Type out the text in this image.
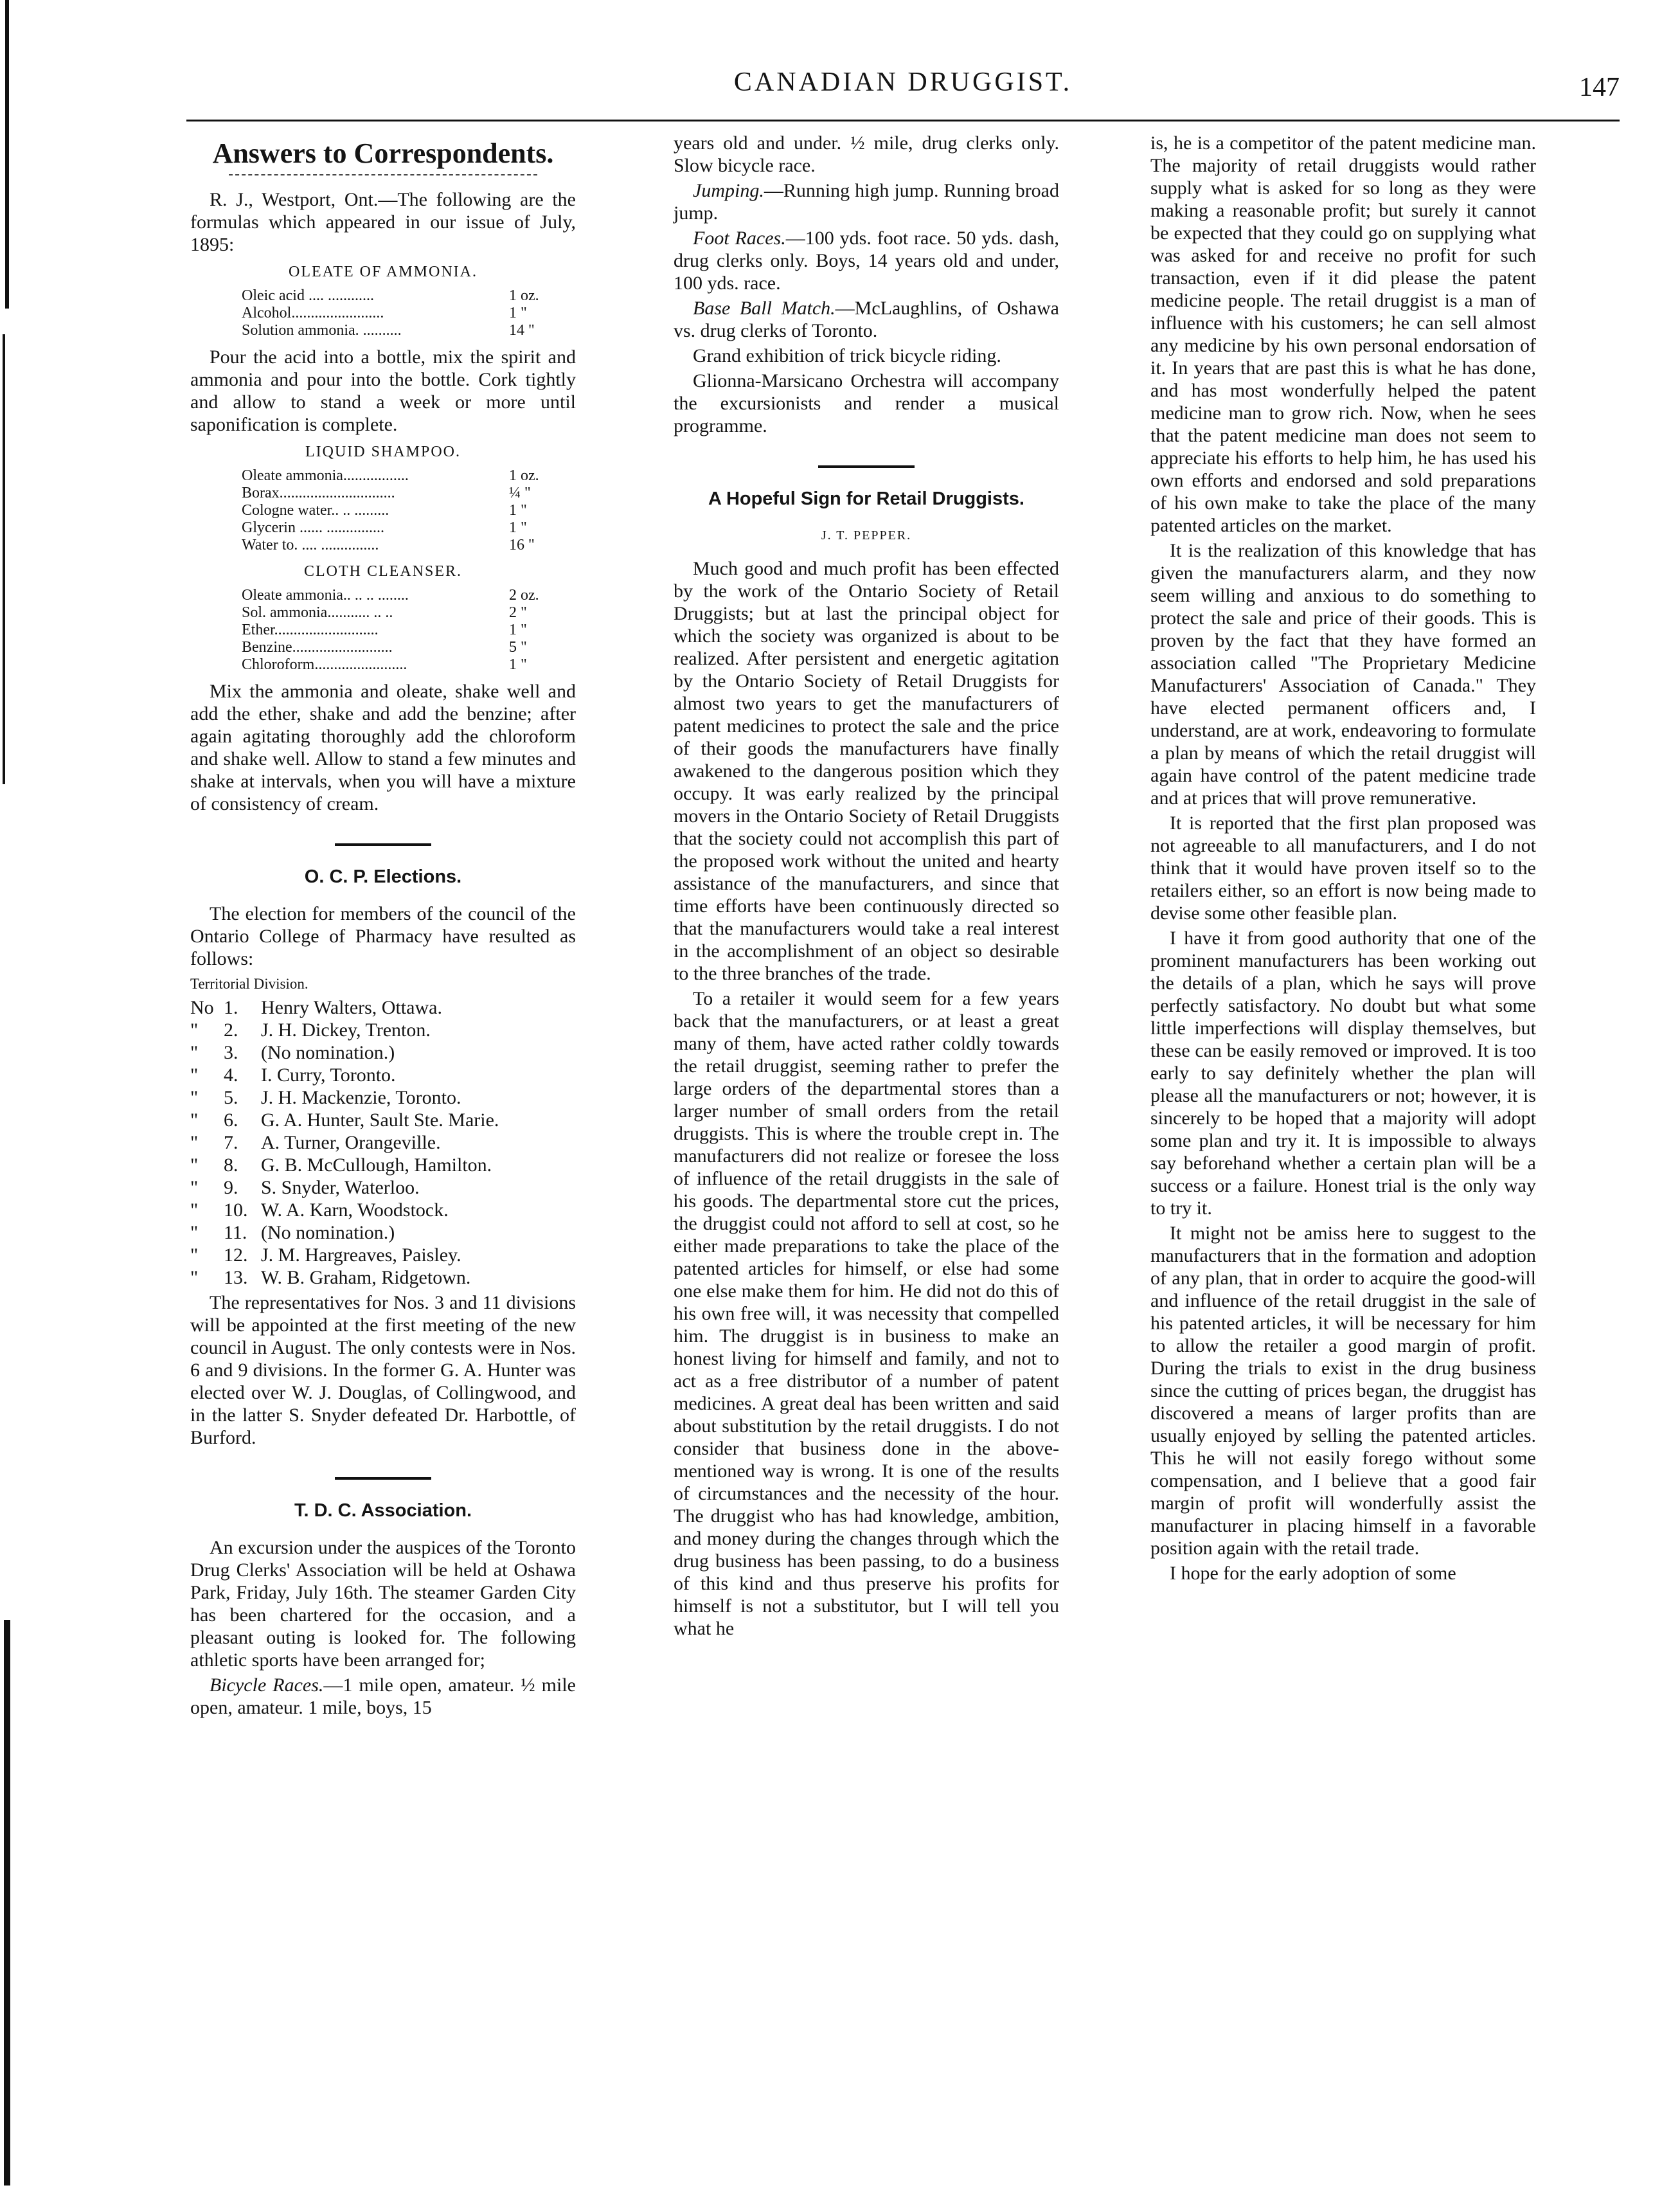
CANADIAN DRUGGIST.	147
Answers to Correspondents.

R. J., Westport, Ont.—The following are the formulas which appeared in our issue of July, 1895:

OLEATE OF AMMONIA.
Oleic acid .... ............	1 oz.
Alcohol........................	1 "
Solution ammonia. ..........	14 "

Pour the acid into a bottle, mix the spirit and ammonia and pour into the bottle. Cork tightly and allow to stand a week or more until saponification is complete.

LIQUID SHAMPOO.
Oleate ammonia.................	1 oz.
Borax..............................	¼ "
Cologne water.. .. .........	1 "
Glycerin ...... ...............	1 "
Water to. .... ...............	16 "
CLOTH CLEANSER.
Oleate ammonia.. .. .. ........	2 oz.
Sol. ammonia........... .. ..	2 "
Ether...........................	1 "
Benzine..........................	5 "
Chloroform........................	1 "

Mix the ammonia and oleate, shake well and add the ether, shake and add the benzine; after again agitating thoroughly add the chloroform and shake well. Allow to stand a few minutes and shake at intervals, when you will have a mixture of consistency of cream.

O. C. P. Elections.

The election for members of the council of the Ontario College of Pharmacy have resulted as follows:

Territorial Division.
No 1.	Henry Walters, Ottawa.
"	2.	J. H. Dickey, Trenton.
"	3.	(No nomination.)
"	4.	I. Curry, Toronto.
"	5.	J. H. Mackenzie, Toronto.
"	6.	G. A. Hunter, Sault Ste. Marie.
"	7.	A. Turner, Orangeville.
"	8.	G. B. McCullough, Hamilton.
"	9.	S. Snyder, Waterloo.
"	10. W. A. Karn, Woodstock.
"	11. (No nomination.)
"	12. J. M. Hargreaves, Paisley.
"	13. W. B. Graham, Ridgetown.

The representatives for Nos. 3 and 11 divisions will be appointed at the first meeting of the new council in August. The only contests were in Nos. 6 and 9 divisions. In the former G. A. Hunter was elected over W. J. Douglas, of Collingwood, and in the latter S. Snyder defeated Dr. Harbottle, of Burford.

T. D. C. Association.

An excursion under the auspices of the Toronto Drug Clerks' Association will be held at Oshawa Park, Friday, July 16th. The steamer Garden City has been chartered for the occasion, and a pleasant outing is looked for. The following athletic sports have been arranged for;

Bicycle Races.—1 mile open, amateur. ½ mile open, amateur. 1 mile, boys, 15

years old and under. ½ mile, drug clerks only. Slow bicycle race.

Jumping.—Running high jump. Running broad jump.

Foot Races.—100 yds. foot race. 50 yds. dash, drug clerks only. Boys, 14 years old and under, 100 yds. race.

Base Ball Match.—McLaughlins, of Oshawa vs. drug clerks of Toronto.

Grand exhibition of trick bicycle riding.

Glionna-Marsicano Orchestra will accompany the excursionists and render a musical programme.

A Hopeful Sign for Retail Druggists.
J. T. PEPPER.

Much good and much profit has been effected by the work of the Ontario Society of Retail Druggists; but at last the principal object for which the society was organized is about to be realized. After persistent and energetic agitation by the Ontario Society of Retail Druggists for almost two years to get the manufacturers of patent medicines to protect the sale and the price of their goods the manufacturers have finally awakened to the dangerous position which they occupy. It was early realized by the principal movers in the Ontario Society of Retail Druggists that the society could not accomplish this part of the proposed work without the united and hearty assistance of the manufacturers, and since that time efforts have been continuously directed so that the manufacturers would take a real interest in the accomplishment of an object so desirable to the three branches of the trade.

To a retailer it would seem for a few years back that the manufacturers, or at least a great many of them, have acted rather coldly towards the retail druggist, seeming rather to prefer the large orders of the departmental stores than a larger number of small orders from the retail druggists. This is where the trouble crept in. The manufacturers did not realize or foresee the loss of influence of the retail druggists in the sale of his goods. The departmental store cut the prices, the druggist could not afford to sell at cost, so he either made preparations to take the place of the patented articles for himself, or else had some one else make them for him. He did not do this of his own free will, it was necessity that compelled him. The druggist is in business to make an honest living for himself and family, and not to act as a free distributor of a number of patent medicines. A great deal has been written and said about substitution by the retail druggists. I do not consider that business done in the above-mentioned way is wrong. It is one of the results of circumstances and the necessity of the hour. The druggist who has had knowledge, ambition, and money during the changes through which the drug business has been passing, to do a business of this kind and thus preserve his profits for himself is not a substitutor, but I will tell you what he

is, he is a competitor of the patent medicine man. The majority of retail druggists would rather supply what is asked for so long as they were making a reasonable profit; but surely it cannot be expected that they could go on supplying what was asked for and receive no profit for such transaction, even if it did please the patent medicine people. The retail druggist is a man of influence with his customers; he can sell almost any medicine by his own personal endorsation of it. In years that are past this is what he has done, and has most wonderfully helped the patent medicine man to grow rich. Now, when he sees that the patent medicine man does not seem to appreciate his efforts to help him, he has used his own efforts and endorsed and sold preparations of his own make to take the place of the many patented articles on the market.

It is the realization of this knowledge that has given the manufacturers alarm, and they now seem willing and anxious to do something to protect the sale and price of their goods. This is proven by the fact that they have formed an association called "The Proprietary Medicine Manufacturers' Association of Canada." They have elected permanent officers and, I understand, are at work, endeavoring to formulate a plan by means of which the retail druggist will again have control of the patent medicine trade and at prices that will prove remunerative.

It is reported that the first plan proposed was not agreeable to all manufacturers, and I do not think that it would have proven itself so to the retailers either, so an effort is now being made to devise some other feasible plan.

I have it from good authority that one of the prominent manufacturers has been working out the details of a plan, which he says will prove perfectly satisfactory. No doubt but what some little imperfections will display themselves, but these can be easily removed or improved. It is too early to say definitely whether the plan will please all the manufacturers or not; however, it is sincerely to be hoped that a majority will adopt some plan and try it. It is impossible to always say beforehand whether a certain plan will be a success or a failure. Honest trial is the only way to try it.

It might not be amiss here to suggest to the manufacturers that in the formation and adoption of any plan, that in order to acquire the good-will and influence of the retail druggist in the sale of his patented articles, it will be necessary for him to allow the retailer a good margin of profit. During the trials to exist in the drug business since the cutting of prices began, the druggist has discovered a means of larger profits than are usually enjoyed by selling the patented articles. This he will not easily forego without some compensation, and I believe that a good fair margin of profit will wonderfully assist the manufacturer in placing himself in a favorable position again with the retail trade.

I hope for the early adoption of some
